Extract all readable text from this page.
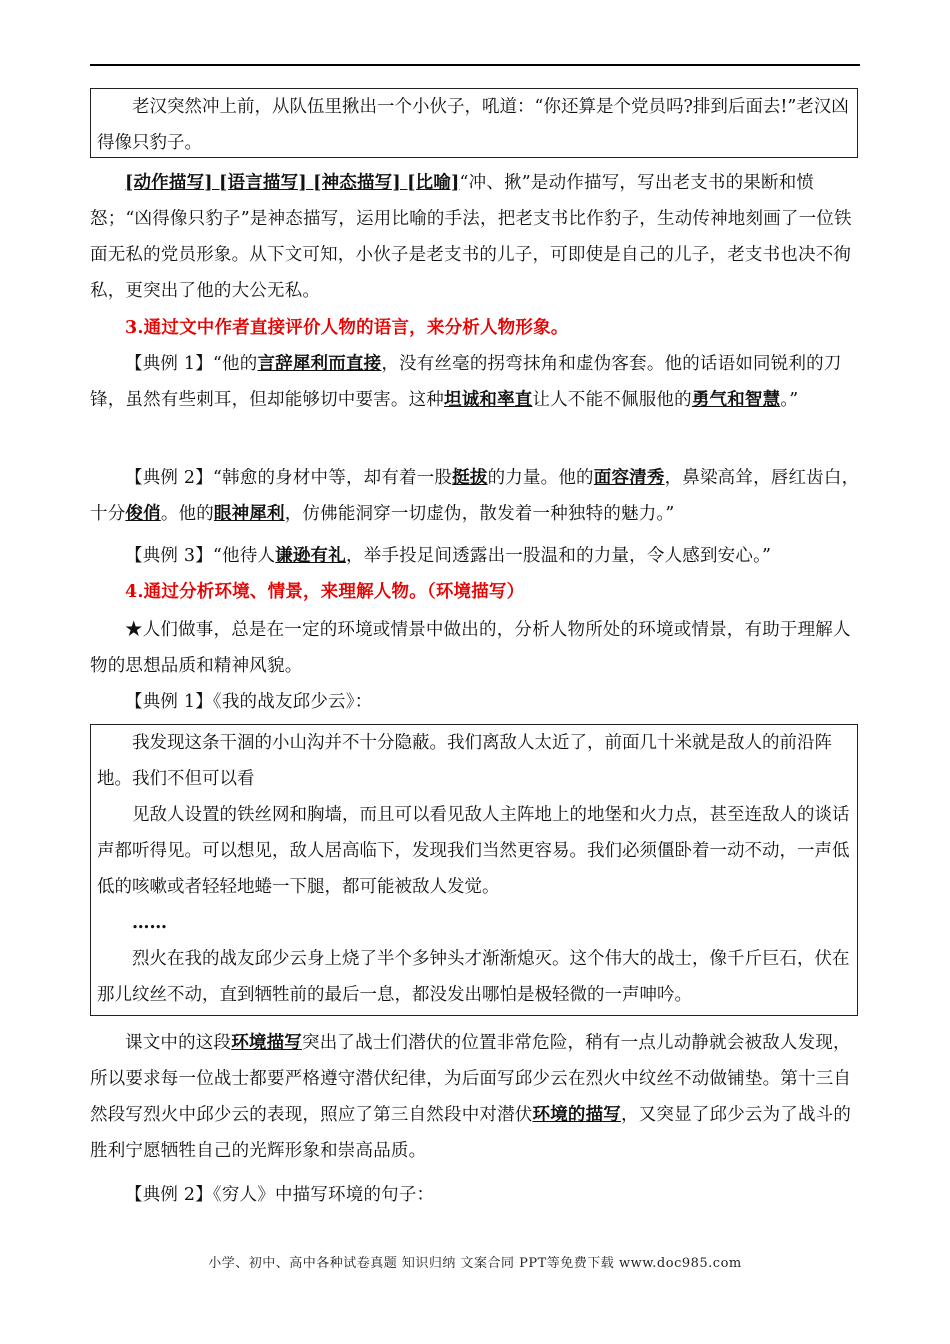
老汉突然冲上前，从队伍里揪出一个小伙子，吼道：“你还算是个党员吗?排到后面去!”老汉凶得像只豹子。

[动作描写] [语言描写] [神态描写] [比喻]“冲、揪”是动作描写，写出老支书的果断和愤怒；“凶得像只豹子”是神态描写，运用比喻的手法，把老支书比作豹子，生动传神地刻画了一位铁面无私的党员形象。从下文可知，小伙子是老支书的儿子，可即使是自己的儿子，老支书也决不徇私，更突出了他的大公无私。

3.通过文中作者直接评价人物的语言，来分析人物形象。

【典例 1】“他的言辞犀利而直接，没有丝毫的拐弯抹角和虚伪客套。他的话语如同锐利的刀锋，虽然有些刺耳，但却能够切中要害。这种坦诚和率直让人不能不佩服他的勇气和智慧。”

【典例 2】“韩愈的身材中等，却有着一股挺拔的力量。他的面容清秀，鼻梁高耸，唇红齿白，十分俊俏。他的眼神犀利，仿佛能洞穿一切虚伪，散发着一种独特的魅力。”

【典例 3】“他待人谦逊有礼，举手投足间透露出一股温和的力量，令人感到安心。”

4.通过分析环境、情景，来理解人物。（环境描写）

★人们做事，总是在一定的环境或情景中做出的，分析人物所处的环境或情景，有助于理解人物的思想品质和精神风貌。

【典例 1】《我的战友邱少云》：

我发现这条干涸的小山沟并不十分隐蔽。我们离敌人太近了，前面几十米就是敌人的前沿阵地。我们不但可以看

见敌人设置的铁丝网和胸墙，而且可以看见敌人主阵地上的地堡和火力点，甚至连敌人的谈话声都听得见。可以想见，敌人居高临下，发现我们当然更容易。我们必须僵卧着一动不动，一声低低的咳嗽或者轻轻地蜷一下腿，都可能被敌人发觉。

……

烈火在我的战友邱少云身上烧了半个多钟头才渐渐熄灭。这个伟大的战士，像千斤巨石，伏在那儿纹丝不动，直到牺牲前的最后一息，都没发出哪怕是极轻微的一声呻吟。

课文中的这段环境描写突出了战士们潜伏的位置非常危险，稍有一点儿动静就会被敌人发现，所以要求每一位战士都要严格遵守潜伏纪律，为后面写邱少云在烈火中纹丝不动做铺垫。第十三自然段写烈火中邱少云的表现，照应了第三自然段中对潜伏环境的描写，又突显了邱少云为了战斗的胜利宁愿牺牲自己的光辉形象和崇高品质。

【典例 2】《穷人》中描写环境的句子：

小学、初中、高中各种试卷真题 知识归纳 文案合同 PPT等免费下载 www.doc985.com
